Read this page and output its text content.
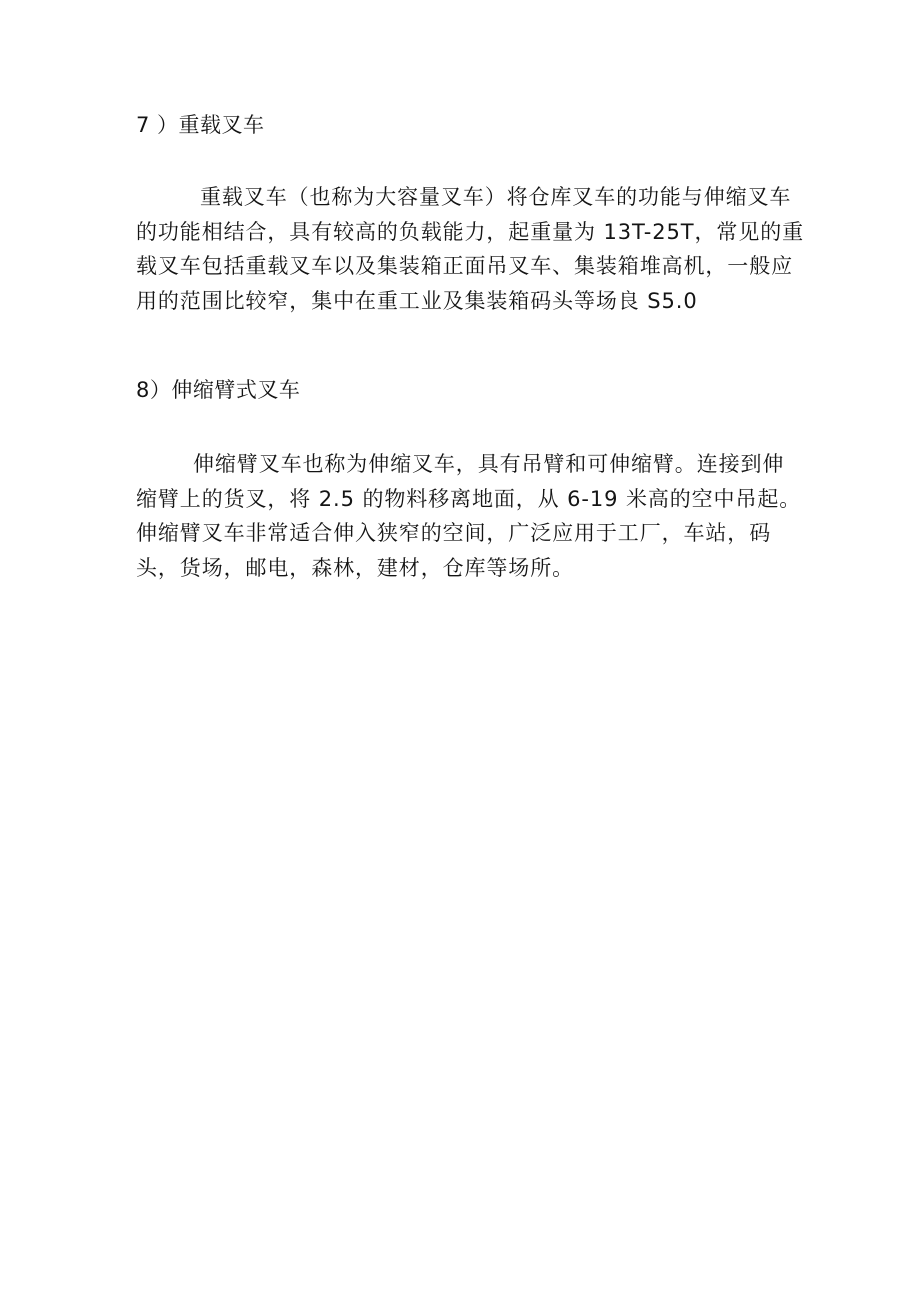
7 ）重载叉车
重载叉车（也称为大容量叉车）将仓库叉车的功能与伸缩叉车
的功能相结合，具有较高的负载能力，起重量为 13T-25T，常见的重
载叉车包括重载叉车以及集装箱正面吊叉车、集装箱堆高机，一般应
用的范围比较窄，集中在重工业及集装箱码头等场良 S5.0
8）伸缩臂式叉车
伸缩臂叉车也称为伸缩叉车，具有吊臂和可伸缩臂。连接到伸
缩臂上的货叉，将 2.5 的物料移离地面，从 6-19 米高的空中吊起。
伸缩臂叉车非常适合伸入狭窄的空间，广泛应用于工厂，车站，码
头，货场，邮电，森林，建材，仓库等场所。
